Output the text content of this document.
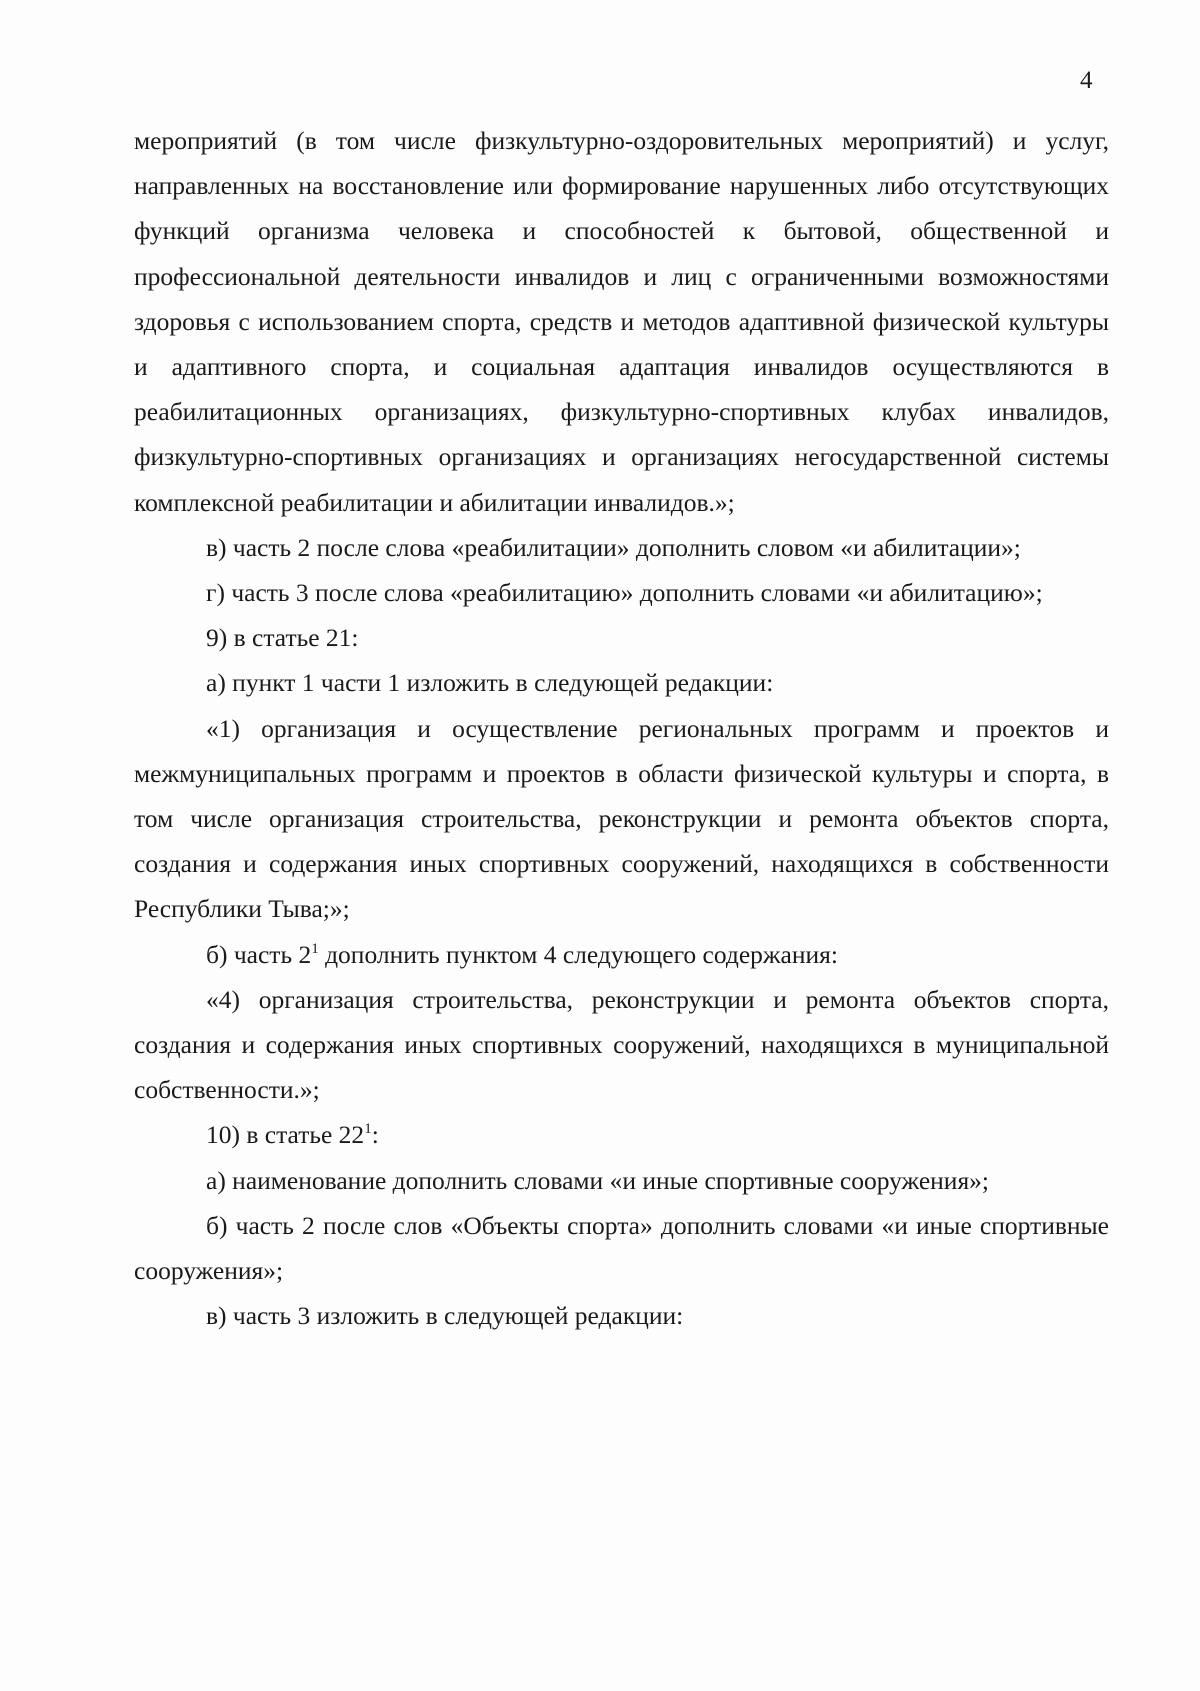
4

мероприятий (в том числе физкультурно-оздоровительных мероприятий) и услуг, направленных на восстановление или формирование нарушенных либо отсутствующих функций организма человека и способностей к бытовой, общественной и профессиональной деятельности инвалидов и лиц с ограниченными возможностями здоровья с использованием спорта, средств и методов адаптивной физической культуры и адаптивного спорта, и социальная адаптация инвалидов осуществляются в реабилитационных организациях, физкультурно-спортивных клубах инвалидов, физкультурно-спортивных организациях и организациях негосударственной системы комплексной реабилитации и абилитации инвалидов.»;

в) часть 2 после слова «реабилитации» дополнить словом «и абилитации»;

г) часть 3 после слова «реабилитацию» дополнить словами «и абилитацию»;

9) в статье 21:

а) пункт 1 части 1 изложить в следующей редакции:

«1) организация и осуществление региональных программ и проектов и межмуниципальных программ и проектов в области физической культуры и спорта, в том числе организация строительства, реконструкции и ремонта объектов спорта, создания и содержания иных спортивных сооружений, находящихся в собственности Республики Тыва;»;

б) часть $2^1$ дополнить пунктом 4 следующего содержания:

«4) организация строительства, реконструкции и ремонта объектов спорта, создания и содержания иных спортивных сооружений, находящихся в муниципальной собственности.»;

10) в статье $22^1$:

а) наименование дополнить словами «и иные спортивные сооружения»;

б) часть 2 после слов «Объекты спорта» дополнить словами «и иные спортивные сооружения»;

в) часть 3 изложить в следующей редакции:
